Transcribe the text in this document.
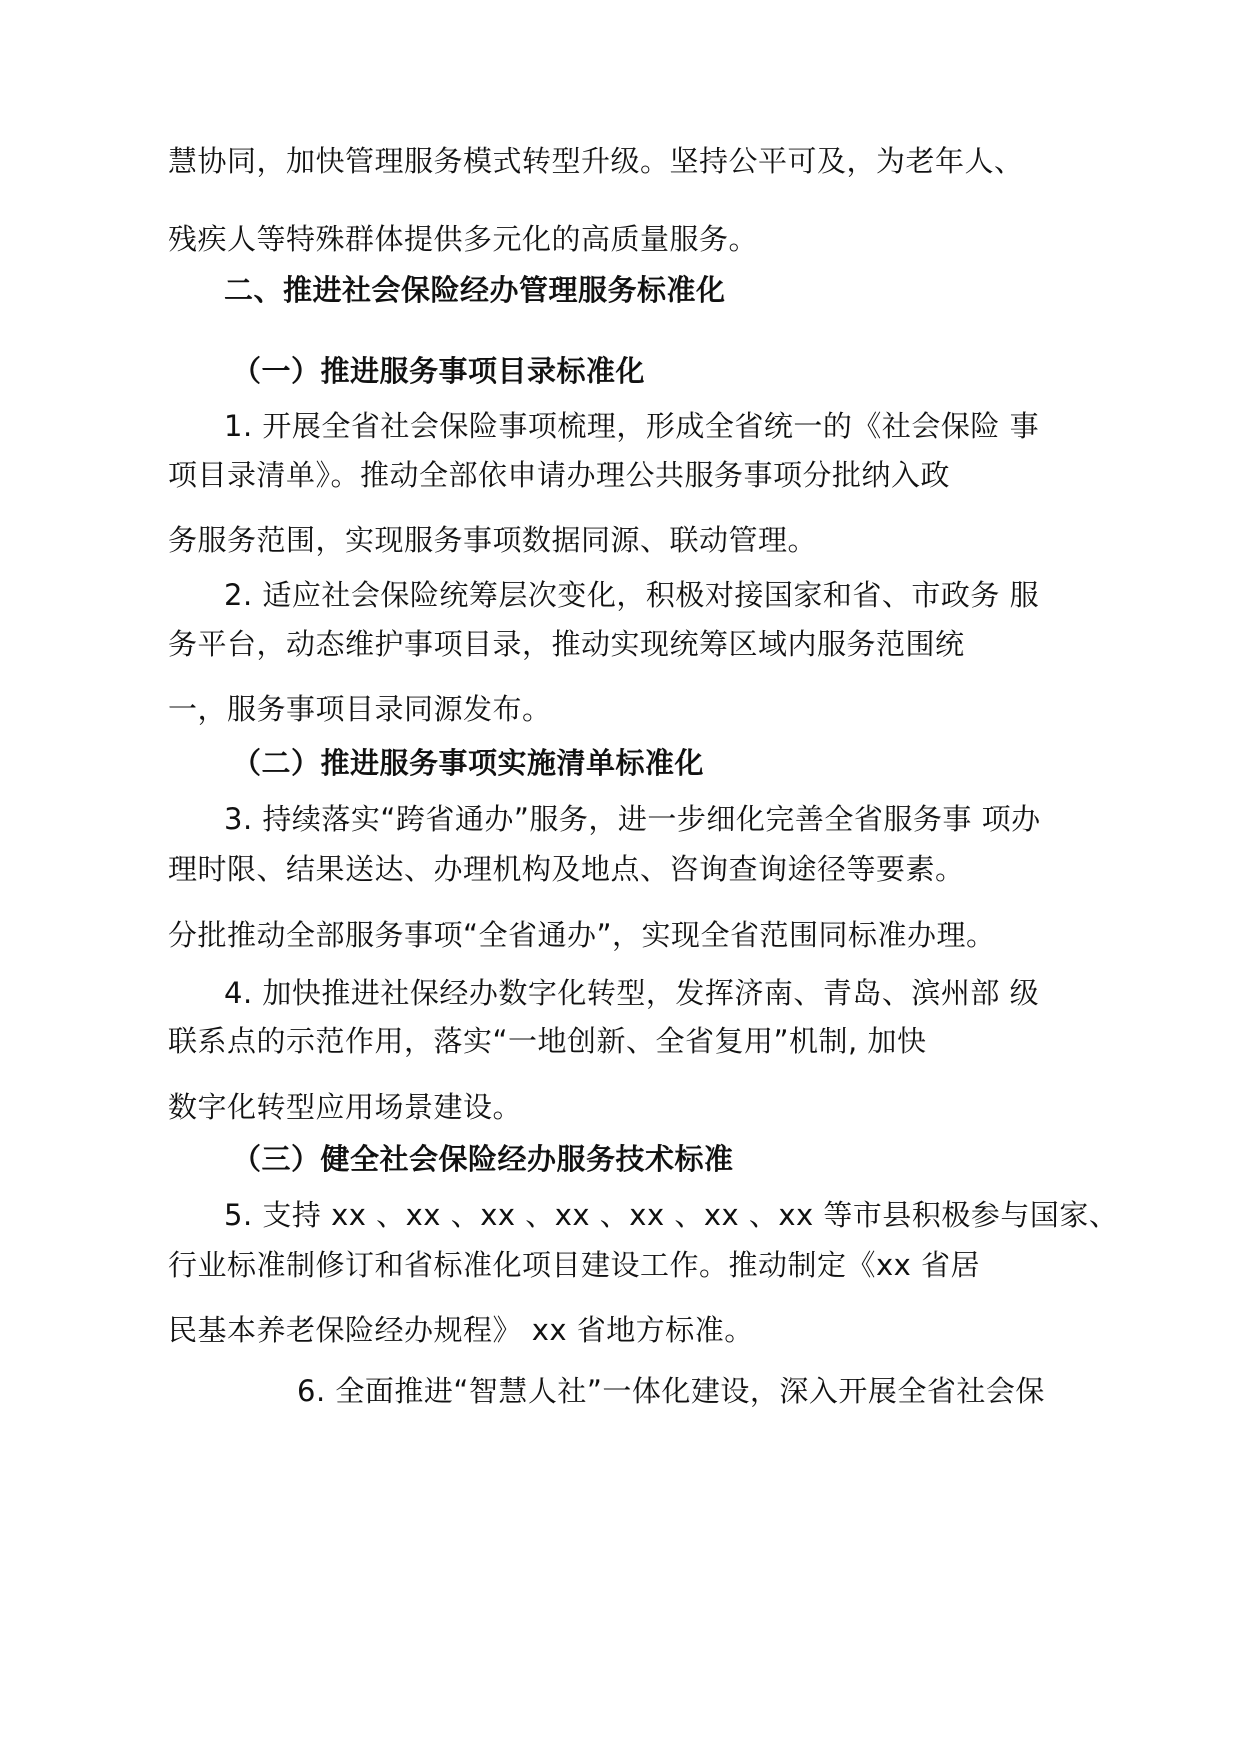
慧协同，加快管理服务模式转型升级。坚持公平可及，为老年人、
残疾人等特殊群体提供多元化的高质量服务。
二、推进社会保险经办管理服务标准化
（一）推进服务事项目录标准化
1. 开展全省社会保险事项梳理，形成全省统一的《社会保险 事
项目录清单》。推动全部依申请办理公共服务事项分批纳入政
务服务范围，实现服务事项数据同源、联动管理。
2. 适应社会保险统筹层次变化，积极对接国家和省、市政务 服
务平台，动态维护事项目录，推动实现统筹区域内服务范围统
一，服务事项目录同源发布。
（二）推进服务事项实施清单标准化
3. 持续落实“跨省通办”服务，进一步细化完善全省服务事 项办
理时限、结果送达、办理机构及地点、咨询查询途径等要素。
分批推动全部服务事项“全省通办”，实现全省范围同标准办理。
4. 加快推进社保经办数字化转型，发挥济南、青岛、滨州部 级
联系点的示范作用，落实“一地创新、全省复用”机制, 加快
数字化转型应用场景建设。
（三）健全社会保险经办服务技术标准
5. 支持 xx 、xx 、xx 、xx 、xx 、xx 、xx 等市县积极参与国家、
行业标准制修订和省标准化项目建设工作。推动制定《xx 省居
民基本养老保险经办规程》 xx 省地方标准。
6. 全面推进“智慧人社”一体化建设，深入开展全省社会保
